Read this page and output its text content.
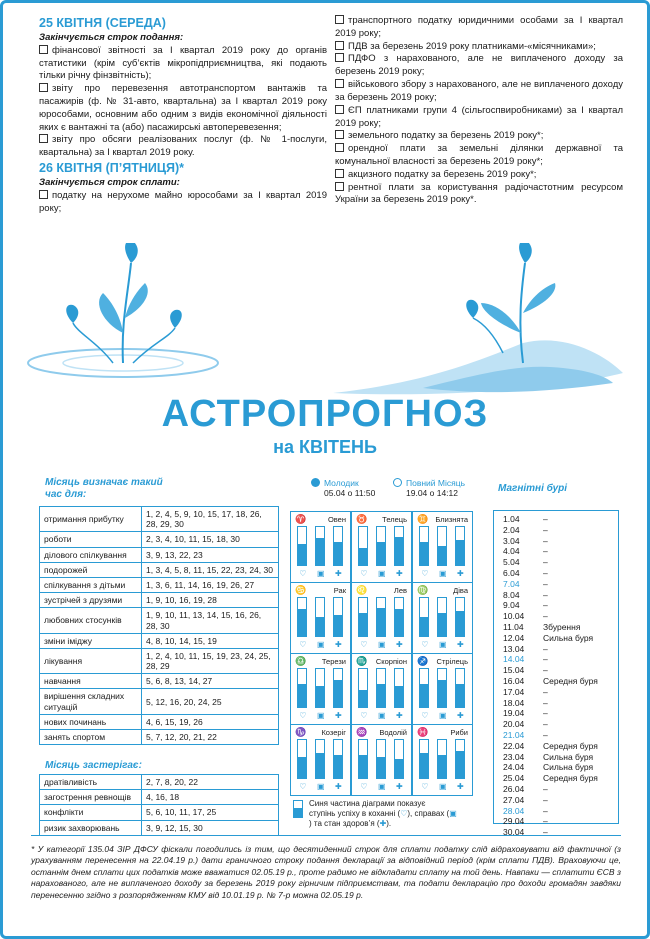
25 КВІТНЯ (СЕРЕДА)
Закінчується строк подання:
фінансової звітності за I квартал 2019 року до органів статистики (крім суб’єктів мікропідприємництва, які подають тільки річну фінзвітність);
звіту про перевезення автотранспортом вантажів та пасажирів (ф. № 31-авто, квартальна) за I квартал 2019 року юрособами, основним або одним з видів економічної діяльності яких є вантажні та (або) пасажирські автоперевезення;
звіту про обсяги реалізованих послуг (ф. № 1-послуги, квартальна) за I квартал 2019 року.
26 КВІТНЯ (П’ЯТНИЦЯ)*
Закінчується строк сплати:
податку на нерухоме майно юрособами за I квартал 2019 року;
транспортного податку юридичними особами за I квартал 2019 року;
ПДВ за березень 2019 року платниками-«місячниками»;
ПДФО з нарахованого, але не виплаченого доходу за березень 2019 року;
військового збору з нарахованого, але не виплаченого доходу за березень 2019 року;
ЄП платниками групи 4 (сільгоспвиробниками) за I квартал 2019 року;
земельного податку за березень 2019 року*;
орендної плати за земельні ділянки державної та комунальної власності за березень 2019 року*;
акцизного податку за березень 2019 року*;
рентної плати за користування радіочастотним ресурсом України за березень 2019 року*.
АСТРОПРОГНОЗ
на КВІТЕНЬ
Місяць визначає такий час для:
отримання прибутку	1, 2, 4, 5, 9, 10, 15, 17, 18, 26, 28, 29, 30
роботи	2, 3, 4, 10, 11, 15, 18, 30
ділового спілкування	3, 9, 13, 22, 23
подорожей	1, 3, 4, 5, 8, 11, 15, 22, 23, 24, 30
спілкування з дітьми	1, 3, 6, 11, 14, 16, 19, 26, 27
зустрічей з друзями	1, 9, 10, 16, 19, 28
любовних стосунків	1, 9, 10, 11, 13, 14, 15, 16, 26, 28, 30
зміни іміджу	4, 8, 10, 14, 15, 19
лікування	1, 2, 4, 10, 11, 15, 19, 23, 24, 25, 28, 29
навчання	5, 6, 8, 13, 14, 27
вирішення складних ситуацій	5, 12, 16, 20, 24, 25
нових починань	4, 6, 15, 19, 26
занять спортом	5, 7, 12, 20, 21, 22
Місяць застерігає:
дратівливість	2, 7, 8, 20, 22
загострення ревнощів	4, 16, 18
конфлікти	5, 6, 10, 11, 17, 25
ризик захворювань	3, 9, 12, 15, 30
Молодик
05.04 о 11:50
Повний Місяць
19.04 о 14:12
♈	Овен
♡ ▣ ✚
♉	Телець
♡ ▣ ✚
♊ Близнята
♡ ▣ ✚
♋	Рак
♡ ▣ ✚
♌	Лев
♡ ▣ ✚
♍	Діва
♡ ▣ ✚
♎	Терези
♡ ▣ ✚
♏	Скорпіон
♡ ▣ ✚
♐	Стрілець
♡ ▣ ✚
♑	Козеріг
♡ ▣ ✚
♒	Водолій
♡ ▣ ✚
♓	Риби
♡ ▣ ✚
Синя частина діаграми показує
ступінь успіху в коханні (♡), справах (▣
) та стан здоров’я (✚).
Магнітні бурі
1.04	–
2.04	–
3.04	–
4.04	–
5.04	–
6.04	–
7.04	–
8.04	–
9.04	–
10.04	–
11.04	Збурення
12.04	Сильна буря
13.04	–
14.04	–
15.04	–
16.04	Середня буря
17.04	–
18.04	–
19.04	–
20.04	–
21.04	–
22.04	Середня буря
23.04	Сильна буря
24.04	Сильна буря
25.04	Середня буря
26.04	–
27.04	–
28.04	–
29.04	–
30.04	–
* У категорії 135.04 ЗІР ДФСУ фіскали погодились із тим, що десятиденний строк для сплати податку слід відраховувати від фактичної (з урахуванням перенесення на 22.04.19 р.) дати граничного строку подання декларації за відповідний період (крім сплати ПДВ). Враховуючи це, останнім днем сплати цих податків може вважатися 02.05.19 р., проте радимо не відкладати сплату на той день. Навпаки — сплатити ЄСВ з нарахованого, але не виплаченого доходу за березень 2019 року гірничим підприємствам, та подати декларацію про доходи громадян завдяки перенесенню згідно з розпорядженням КМУ від 10.01.19 р. № 7-р можна 02.05.19 р.
